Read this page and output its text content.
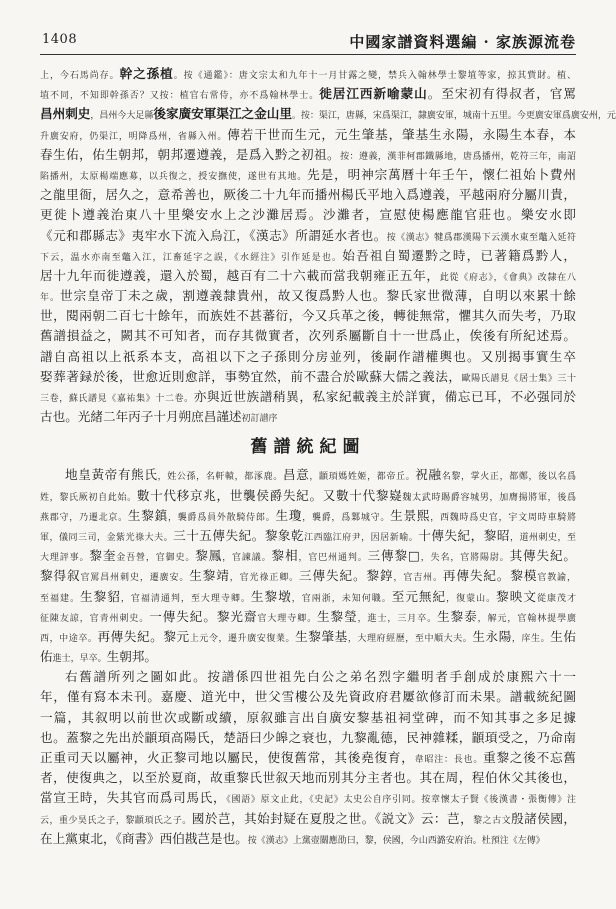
1408	中國家譜資料選編 · 家族源流卷
上，今石馬尚存。幹之孫植。按《通鑑》：唐文宗太和九年十一月甘露之變，禁兵入翰林學士黎埴等家，掠其貲財。植、
埴不同，不知即幹孫否？又按：植官右常侍，亦不爲翰林學士。徙居江西新喻蒙山。至宋初有得叔者，官罵
昌州刺史，昌州今大足縣後家廣安軍渠江之金山里。按：渠江，唐縣，宋爲渠江，隸廣安軍，城南十五里。今更廣安軍爲廣安州，元
升廣安府，仍渠江，明降爲州，省縣入州。傳若干世而生元，元生肇基，肇基生永陽，永陽生本春，本
春生佑，佑生朝邦，朝邦遷遵義，是爲入黔之初祖。按：遵義，漢菲柯郡鐵縣地，唐爲播州，乾符三年，南詔
陷播州，太原楊端應募，以兵復之，授安撫使，遂世有其地。先是，明神宗萬曆十年壬午，懷仁祖始卜費州
之龍里衙，居久之，意希善也，厥後二十九年而播州楊氏平地入爲遵義，平越兩府分屬川貴，
更徙卜遵義治東八十里樂安水上之沙灘居焉。沙灘者，宣慰使楊應龍官莊也。樂安水即
《元和郡縣志》夷牢水下流入烏江，《漢志》所謂延水者也。按《漢志》犍爲郡漢陽下云漢水東至鼈入延符
下云，温水亦南至鼈入江，江畜延字之誤，《水經注》引作延是也。始吾祖自蜀遷黔之時，已著籍爲黔人，
居十九年而徙遵義，還入於蜀，越百有二十六載而當我朝雍正五年，此從《府志》，《會典》改隸在八
年。世宗皇帝丁未之歲，割遵義隸貴州，故又復爲黔人也。黎氏家世微薄，自明以來累十餘
世，閱兩朝二百七十餘年，而族姓不甚蕃衍，今又兵革之後，轉徙無常，懼其久而失考，乃取
舊譜損益之，闕其不可知者，而存其微實者，次列系屬斷自十一世爲止，俟後有所紀述焉。
譜自高祖以上祇系本支，高祖以下之子孫則分房並列，後嗣作譜權輿也。又別揭事實生卒
娶葬著録於後，世愈近則愈詳，事勢宜然，前不盡合於歐蘇大儒之義法，歐陽氏譜見《居士集》三十
三卷，蘇氏譜見《嘉祐集》十二卷。亦與近世族譜稍異，私家紀載義主於詳實，備忘已耳，不必强同於
古也。光緒二年丙子十月朔庶昌謹述初訂譜序
舊譜統紀圖
地皇黃帝有熊氏，姓公孫，名軒轅，都涿鹿。昌意，顓頊媽姓姬，都帝丘。祝融名黎，掌火正，都鄭，後以名爲
姓，黎氏厥初自此始。數十代移京兆，世襲侯爵失紀。又數十代黎嶷魏太武時賜爵容城男，加膺揚將軍，後爲
燕郡守，乃遷北京。生黎鎮，襲爵爲員外散騎侍郎。生瓊，襲爵，爲鄴城守。生景熙，西魏時爲史官，宇文周時車騎將
軍，儀同三司，金紫光祿大夫。三十五傳失紀。黎象乾江西臨江府尹，因居新喻。十傳失紀，黎昭，道州刺史，至
大理評事。黎奎金吾營，官御史。黎鳳，官諫議。黎相，官巴州通判。三傳黎□，失名，官將陽尉。其傳失紀。
黎得叙官罵昌州刺史，遷廣安。生黎靖，官光祿正卿。三傳失紀。黎錞，官吉州。再傳失紀。黎模官教諭，
至福建。生黎貂，官福清通判，至大理寺卿。生黎墩，官兩浙，未知何職。至元無紀，復蒙山。黎映文從康茂才
征陳友諒，官青州刺史。一傳失紀。黎光齋官大理寺卿。生黎瑩，進士，三月卒。生黎泰，解元，官翰林提學廣
西，中途卒。再傳失紀。黎元上元令，遷升廣安復業。生黎肇基，大理府經歷，至中順大夫。生永陽，庠生。生佑
佑進士，早卒。生朝邦。
右舊譜所列之圖如此。按譜係四世祖先白公之弟名烈字繼明者手創成於康熙六十一
年，僅有寫本未刊。嘉慶、道光中，世父雪樓公及先資政府君屢欲修訂而未果。譜載統紀圖
一篇，其叙明以前世次或斷或續，原叙雖言出自廣安黎基祖祠堂碑，而不知其事之多足據
也。蓋黎之先出於顓頊高陽氏，楚語曰少皞之衰也，九黎亂德，民神雜糅，顓頊受之，乃命南
正重司天以屬神，火正黎司地以屬民，使復舊常，其後堯復育，韋昭注：長也。重黎之後不忘舊
者，使復典之，以至於夏商，故重黎氏世叙天地而別其分主者也。其在周，程伯休父其後也，
當宣王時，失其官而爲司馬氏，《國語》原文止此，《史記》太史公自序引同。按章懷太子賢《後漢書・張衡傳》注
云，重少昊氏之子，黎顓頊氏之子。國於芑，其始封疑在夏殷之世。《説文》云：芑，黎之古文殷諸侯國，
在上黨東北，《商書》西伯戡芑是也。按《漢志》上黨壺關應劭曰，黎，侯國，今山西潞安府治。杜預注《左傳》
